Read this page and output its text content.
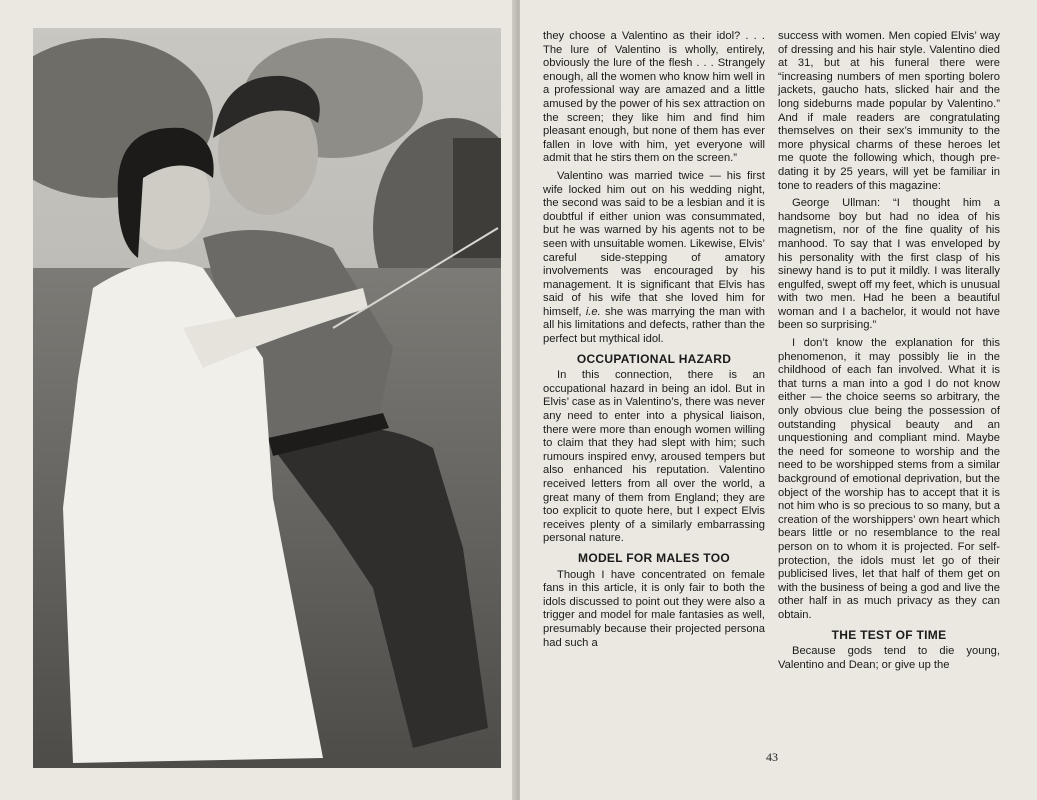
they choose a Valentino as their idol? . . . The lure of Valentino is wholly, entirely, obviously the lure of the flesh . . . Strangely enough, all the women who know him well in a professional way are amazed and a little amused by the power of his sex attraction on the screen; they like him and find him pleasant enough, but none of them has ever fallen in love with him, yet everyone will admit that he stirs them on the screen.”

Valentino was married twice — his first wife locked him out on his wedding night, the second was said to be a lesbian and it is doubtful if either union was consummated, but he was warned by his agents not to be seen with unsuitable women. Likewise, Elvis’ careful side-stepping of amatory involvements was encouraged by his management. It is significant that Elvis has said of his wife that she loved him for himself, i.e. she was marrying the man with all his limitations and defects, rather than the perfect but mythical idol.

OCCUPATIONAL HAZARD

In this connection, there is an occupational hazard in being an idol. But in Elvis’ case as in Valentino’s, there was never any need to enter into a physical liaison, there were more than enough women willing to claim that they had slept with him; such rumours inspired envy, aroused tempers but also enhanced his reputation. Valentino received letters from all over the world, a great many of them from England; they are too explicit to quote here, but I expect Elvis receives plenty of a similarly embarrassing personal nature.

MODEL FOR MALES TOO

Though I have concentrated on female fans in this article, it is only fair to both the idols discussed to point out they were also a trigger and model for male fantasies as well, presumably because their projected persona had such a

success with women. Men copied Elvis’ way of dressing and his hair style. Valentino died at 31, but at his funeral there were “increasing numbers of men sporting bolero jackets, gaucho hats, slicked hair and the long sideburns made popular by Valentino.” And if male readers are congratulating themselves on their sex’s immunity to the more physical charms of these heroes let me quote the following which, though pre-dating it by 25 years, will yet be familiar in tone to readers of this magazine:

George Ullman: “I thought him a handsome boy but had no idea of his magnetism, nor of the fine quality of his manhood. To say that I was enveloped by his personality with the first clasp of his sinewy hand is to put it mildly. I was literally engulfed, swept off my feet, which is unusual with two men. Had he been a beautiful woman and I a bachelor, it would not have been so surprising.”

I don’t know the explanation for this phenomenon, it may possibly lie in the childhood of each fan involved. What it is that turns a man into a god I do not know either — the choice seems so arbitrary, the only obvious clue being the possession of outstanding physical beauty and an unquestioning and compliant mind. Maybe the need for someone to worship and the need to be worshipped stems from a similar background of emotional deprivation, but the object of the worship has to accept that it is not him who is so precious to so many, but a creation of the worshippers’ own heart which bears little or no resemblance to the real person on to whom it is projected. For self-protection, the idols must let go of their publicised lives, let that half of them get on with the business of being a god and live the other half in as much privacy as they can obtain.

THE TEST OF TIME

Because gods tend to die young, Valentino and Dean; or give up the

43
